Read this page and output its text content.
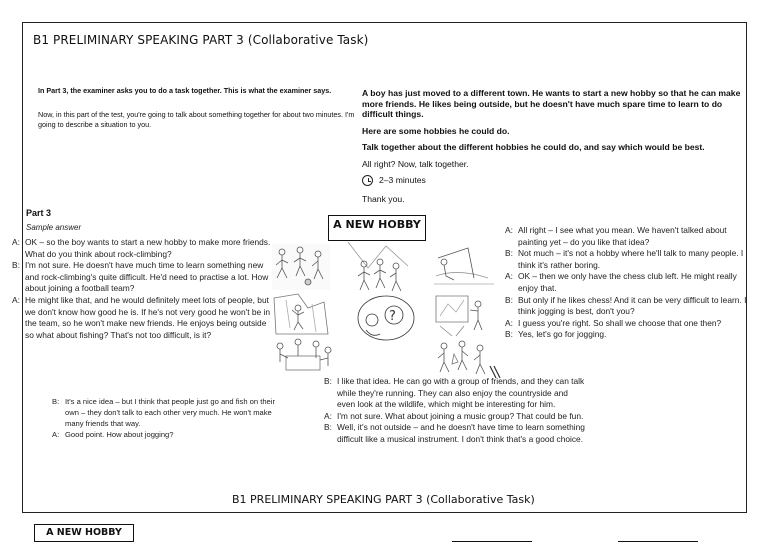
B1 PRELIMINARY SPEAKING PART 3 (Collaborative Task)
In Part 3, the examiner asks you to do a task together. This is what the examiner says.
Now, in this part of the test, you're going to talk about something together for about two minutes. I'm going to describe a situation to you.
A boy has just moved to a different town. He wants to start a new hobby so that he can make more friends. He likes being outside, but he doesn't have much spare time to learn to do difficult things.
Here are some hobbies he could do.
Talk together about the different hobbies he could do, and say which would be best.
All right? Now, talk together.
2–3 minutes
Thank you.
Part 3
Sample answer
A: OK – so the boy wants to start a new hobby to make more friends. What do you think about rock-climbing?
B: I'm not sure. He doesn't have much time to learn something new and rock-climbing's quite difficult. He'd need to practise a lot. How about joining a football team?
A: He might like that, and he would definitely meet lots of people, but we don't know how good he is. If he's not very good he won't be in the team, so he won't make new friends. He enjoys being outside so what about fishing? That's not too difficult, is it?
B: It's a nice idea – but I think that people just go and fish on their own – they don't talk to each other very much. He won't make many friends that way.
A: Good point. How about jogging?
?
A NEW HOBBY	A: All right – I see what you mean. We haven't talked about painting yet – do you like that idea?
B: Not much – it's not a hobby where he'll talk to many people. I think it's rather boring.
A: OK – then we only have the chess club left. He might really enjoy that.
B: But only if he likes chess! And it can be very difficult to learn. I think jogging is best, don't you?
A: I guess you're right. So shall we choose that one then?
B: Yes, let's go for jogging.
B: I like that idea. He can go with a group of friends, and they can talk while they're running. They can also enjoy the countryside and even look at the wildlife, which might be interesting for him.
A: I'm not sure. What about joining a music group? That could be fun.
B: Well, it's not outside – and he doesn't have time to learn something difficult like a musical instrument. I don't think that's a good choice.
B1 PRELIMINARY SPEAKING PART 3 (Collaborative Task)
A NEW HOBBY
